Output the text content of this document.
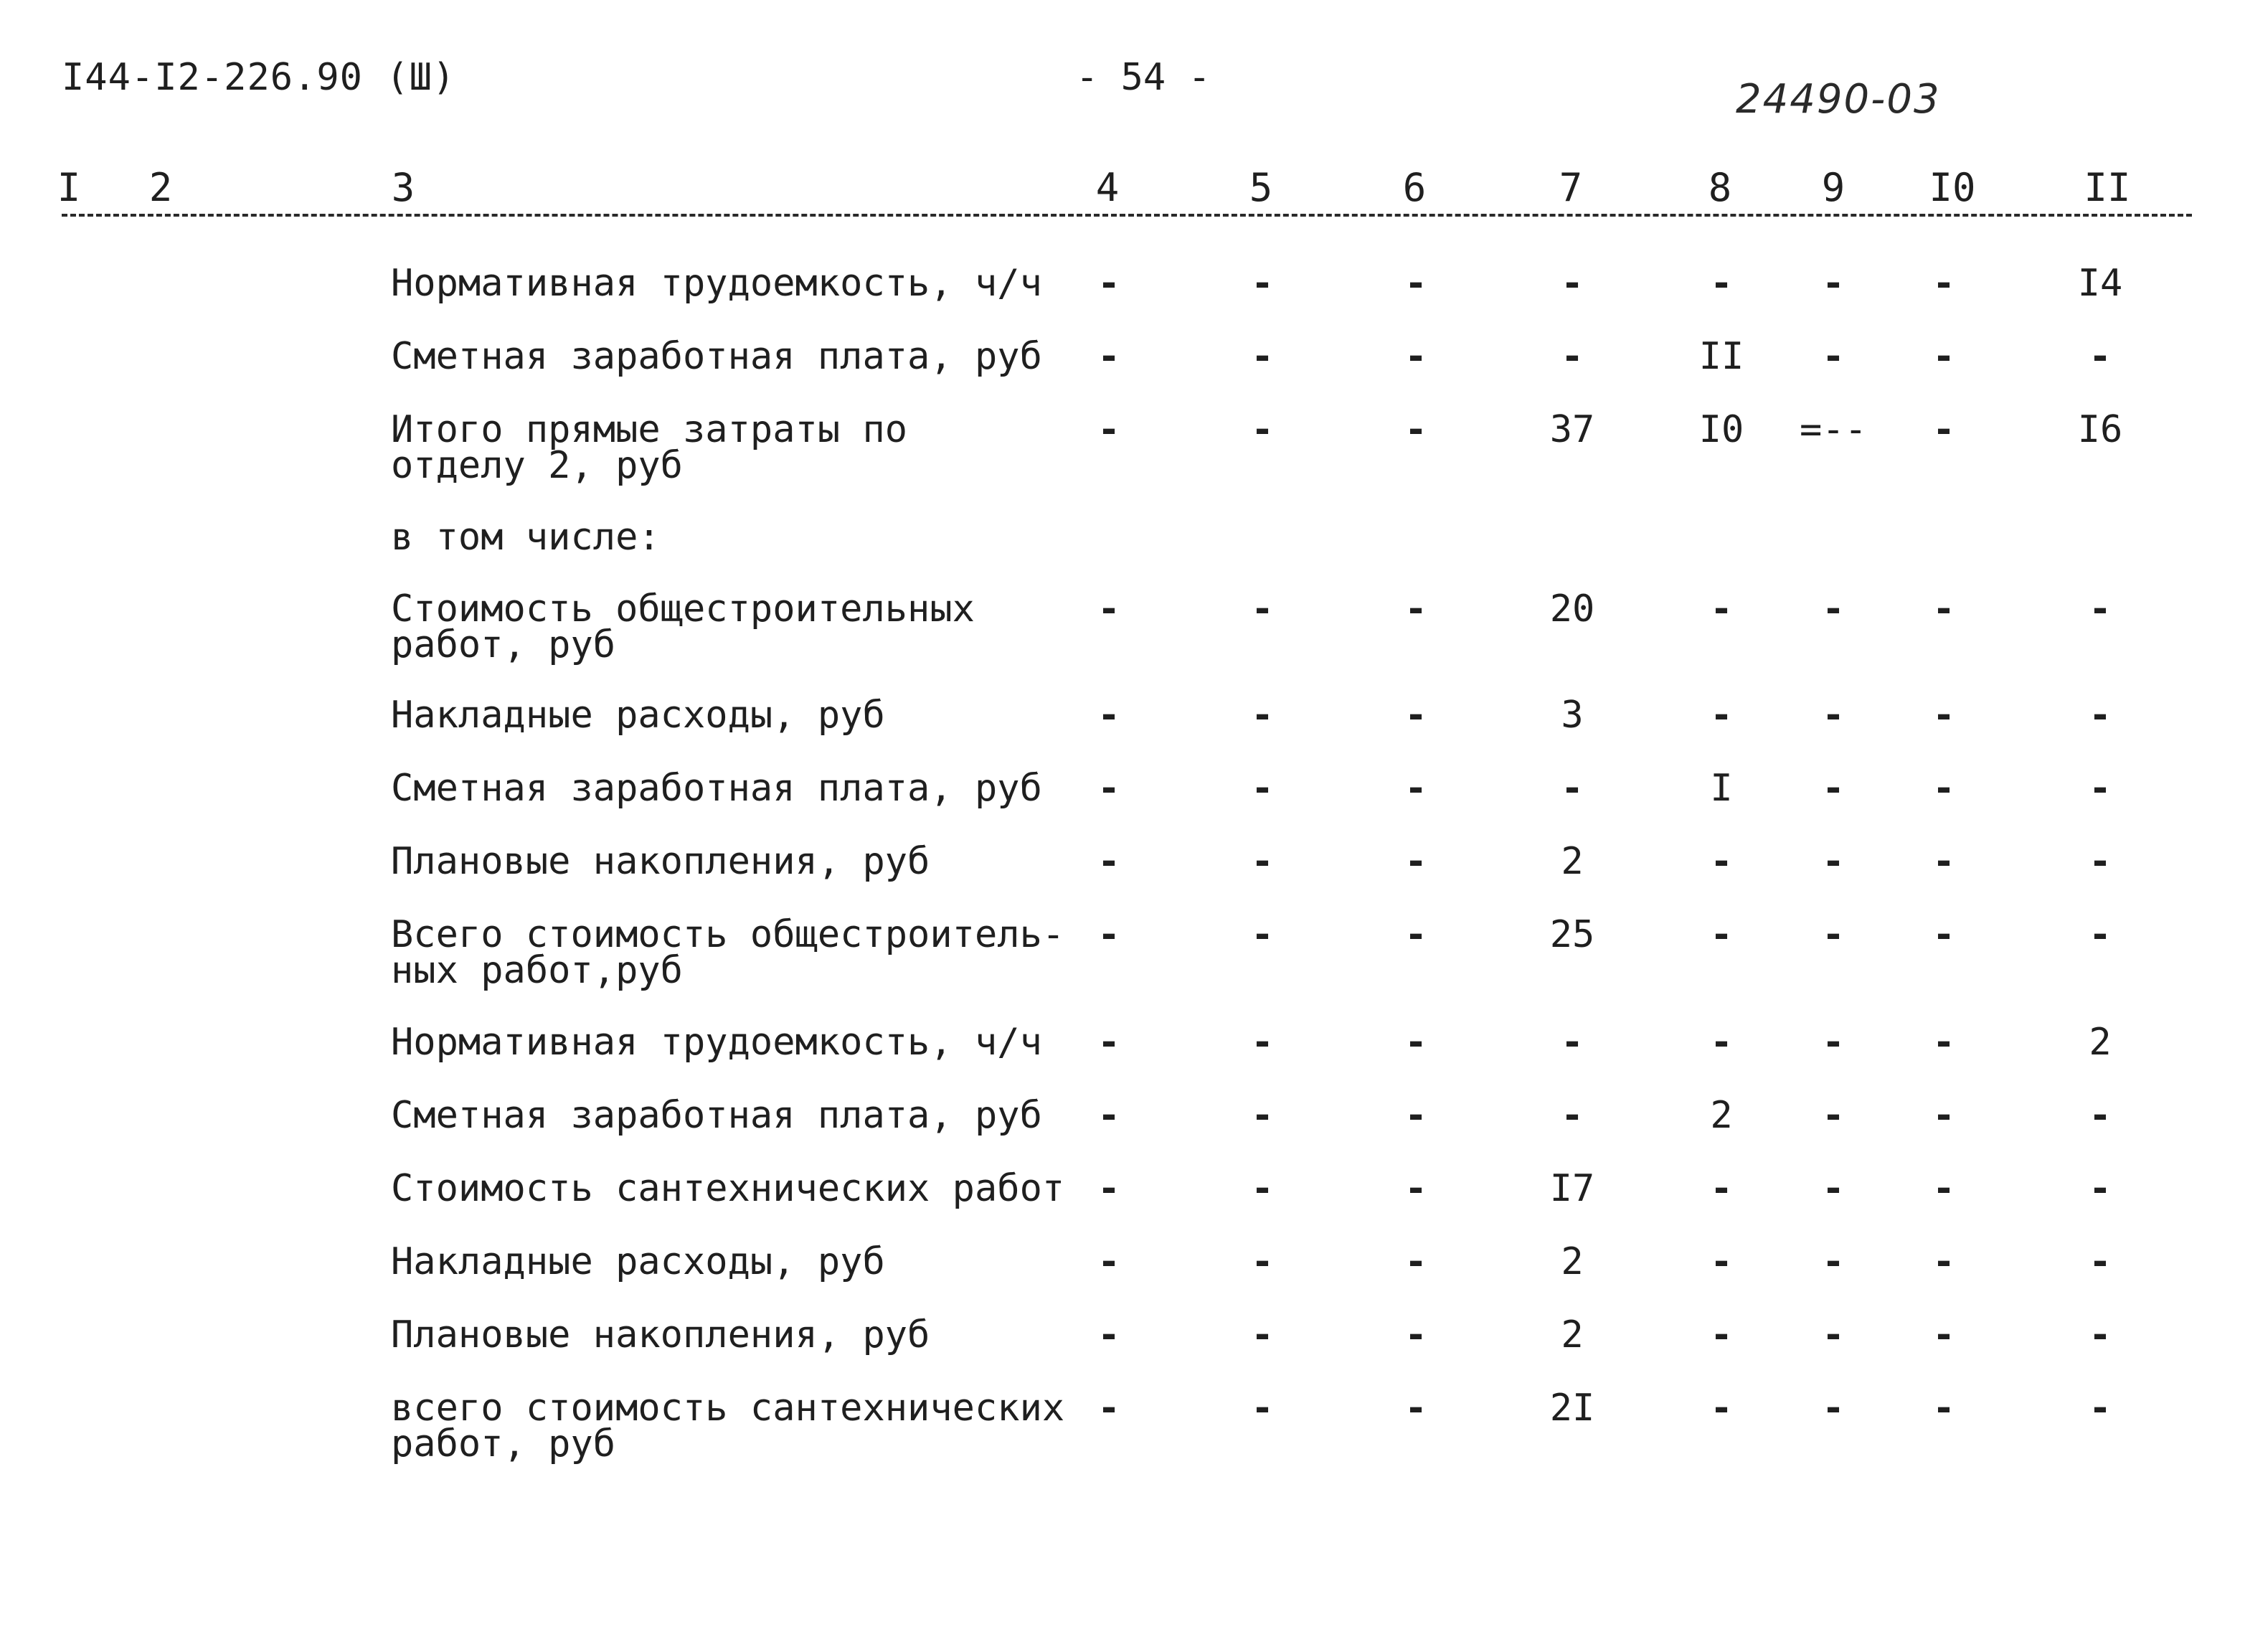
I44-I2-226.90 (Ш)	- 54 -	24490-03
I 2	3	4	5	6	7	8 9 I0	II
Нормативная трудоемкость, ч/ч	-	-	-	-	- - -	I4
Сметная заработная плата, руб	-	-	-	-	II - -	-
Итого прямые затраты по
отделу 2, руб
-	-	-	37	I0 =-- -	I6
в том числе:
Стоимость общестроительных
работ, руб
-	-	-	20	- - -	-
Накладные расходы, руб	-	-	-	3	- - -	-
Сметная заработная плата, руб	-	-	-	-	I - -	-
Плановые накопления, руб	-	-	-	2	- - -	-
Всего стоимость общестроитель-
ных работ,руб
-	-	-	25	- - -	-
Нормативная трудоемкость, ч/ч	-	-	-	-	- - -	2
Сметная заработная плата, руб	-	-	-	-	2 - -	-
Стоимость сантехнических работ -	-	-	I7	- - -	-
Накладные расходы, руб	-	-	-	2	- - -	-
Плановые накопления, руб	-	-	-	2	- - -	-
всего стоимость сантехнических
работ, руб
-	-	-	2I	- - -	-
